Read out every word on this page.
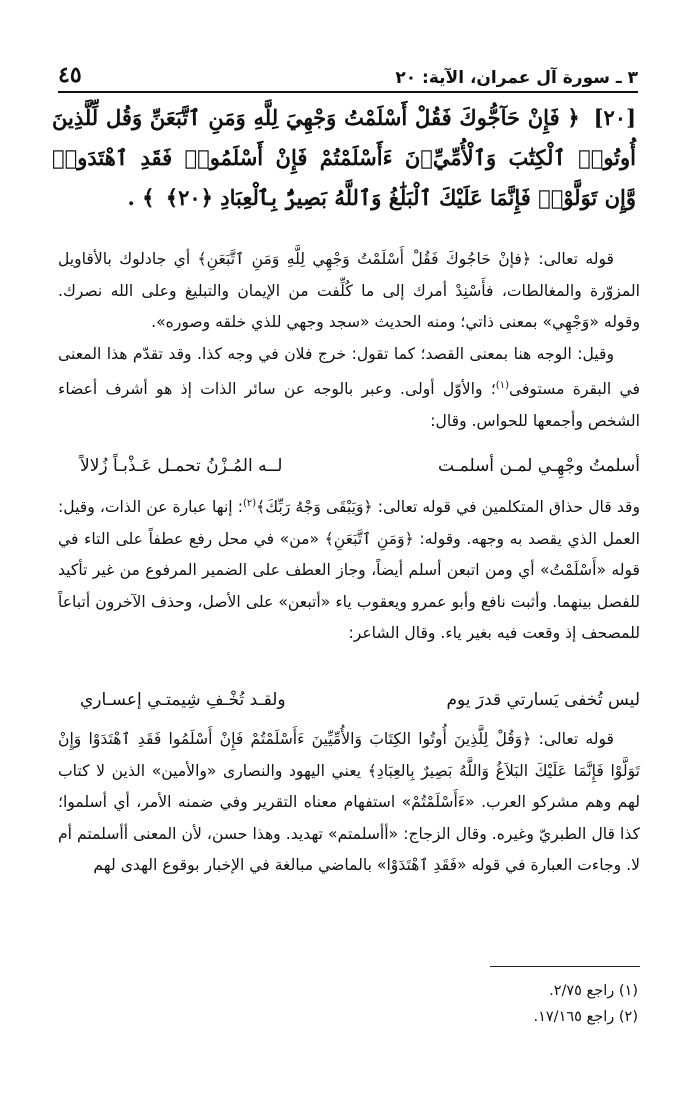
٤٥	٣ ـ سورة آل عمران، الآية: ٢٠
[٢٠] ﴿ فَإِنْ حَآجُّوكَ فَقُلْ أَسْلَمْتُ وَجْهِيَ لِلَّهِ وَمَنِ ٱتَّبَعَنِّ وَقُل لِّلَّذِينَ أُوتُوا۟ ٱلْكِتَٰبَ وَٱلْأُمِّيِّۦنَ ءَأَسْلَمْتُمْ فَإِنْ أَسْلَمُوا۟ فَقَدِ ٱهْتَدَوا۟ وَّإِن تَوَلَّوْا۟ فَإِنَّمَا عَلَيْكَ ٱلْبَلَٰغُ وَٱللَّهُ بَصِيرٌۢ بِٱلْعِبَادِ ﴿٢٠﴾ ﴾ .

قوله تعالى: ﴿فإنْ حَاجُوكَ فَقُلْ أَسْلَمْتُ وَجْهِي لِلَّهِ وَمَنِ ٱتَّبَعَنِ﴾ أي جادلوك بالأقاويل المزوّرة والمغالطات، فأَسْنِدْ أمرك إلى ما كُلِّفت من الإيمان والتبليغ وعلى الله نصرك. وقوله «وَجْهِي» بمعنى ذاتي؛ ومنه الحديث «سجد وجهي للذي خلقه وصوره».

وقيل: الوجه هنا بمعنى القصد؛ كما تقول: خرج فلان في وجه كذا. وقد تقدّم هذا المعنى في البقرة مستوفى$^{(١)}$؛ والأوّل أولى. وعبر بالوجه عن سائر الذات إذ هو أشرف أعضاء الشخص وأجمعها للحواس. وقال:

أسلمتُ وجْهِـي لمـن أسلمـت
لــه المُـزْنُ تحمـل عَـذْبـاً زُلالاً

وقد قال حذاق المتكلمين في قوله تعالى: ﴿وَيَبْقَى وَجْهُ رَبِّكَ﴾$^{(٢)}$: إنها عبارة عن الذات، وقيل: العمل الذي يقصد به وجهه. وقوله: ﴿وَمَنِ ٱتَّبَعَنِ﴾ «من» في محل رفع عطفاً على التاء في قوله «أَسْلَمْتُ» أي ومن اتبعن أسلم أيضاً، وجاز العطف على الضمير المرفوع من غير تأكيد للفصل بينهما. وأثبت نافع وأبو عمرو ويعقوب ياء «أتبعن» على الأصل، وحذف الآخرون أتباعاً للمصحف إذ وقعت فيه بغير ياء. وقال الشاعر:

ليس تُخفى يَسارتي قدرَ يوم
ولقـد تُخْـفِ شِيمتـي إعسـاري

قوله تعالى: ﴿وَقُلْ لِلَّذِينَ أُوتُوا الكِتَابَ وَالأُمِّيِّينَ ءَأَسْلَمْتُمْ فَإِنْ أَسْلَمُوا فَقَدِ ٱهْتَدَوْا وَإِنْ تَوَلَّوْا فَإِنَّمَا عَلَيْكَ البَلاَغُ وَاللَّهُ بَصِيرٌ بِالعِبَادِ﴾ يعني اليهود والنصارى «والأمين» الذين لا كتاب لهم وهم مشركو العرب. «ءَأَسْلَمْتُمْ» استفهام معناه التقرير وفي ضمنه الأمر، أي أسلموا؛ كذا قال الطبريّ وغيره. وقال الزجاج: «أأسلمتم» تهديد. وهذا حسن، لأن المعنى أأسلمتم أم لا. وجاءت العبارة في قوله «فَقَدِ ٱهْتَدَوْا» بالماضي مبالغة في الإخبار بوقوع الهدى لهم

(١) راجع ٢/٧٥.
(٢) راجع ١٧/١٦٥.
